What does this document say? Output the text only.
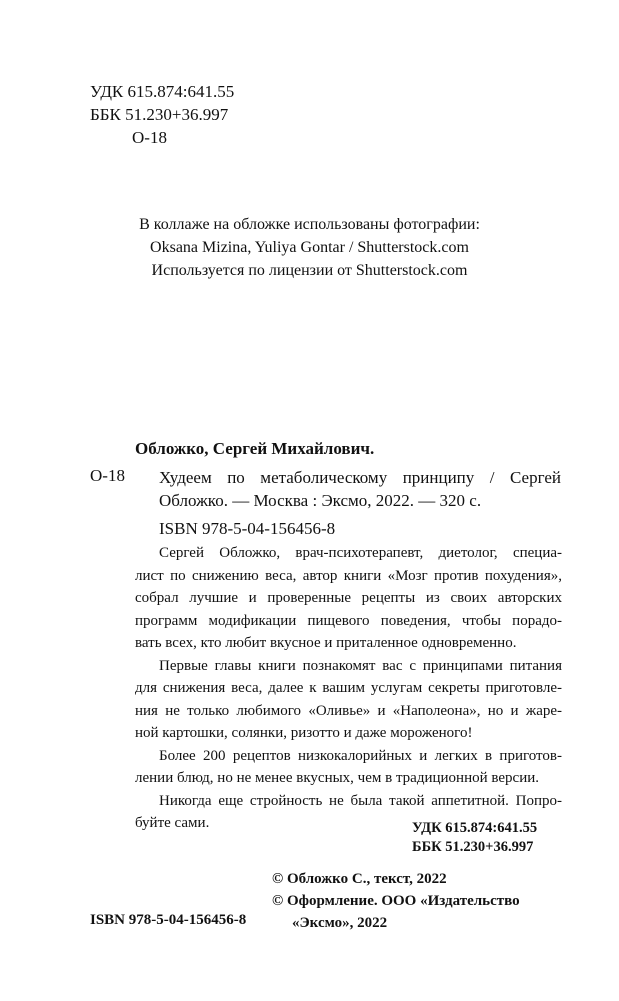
УДК 615.874:641.55
ББК 51.230+36.997
О-18
В коллаже на обложке использованы фотографии:
Oksana Mizina, Yuliya Gontar / Shutterstock.com
Используется по лицензии от Shutterstock.com
Обложко, Сергей Михайлович.
О-18 Худеем по метаболическому принципу / Сергей
Обложко. — Москва : Эксмо, 2022. — 320 с.
ISBN 978-5-04-156456-8
Сергей Обложко, врач-психотерапевт, диетолог, специа-
лист по снижению веса, автор книги «Мозг против похудения»,
собрал лучшие и проверенные рецепты из своих авторских
программ модификации пищевого поведения, чтобы порадо-
вать всех, кто любит вкусное и приталенное одновременно.
Первые главы книги познакомят вас с принципами питания
для снижения веса, далее к вашим услугам секреты приготовле-
ния не только любимого «Оливье» и «Наполеона», но и жаре-
ной картошки, солянки, ризотто и даже мороженого!
Более 200 рецептов низкокалорийных и легких в приготов-
лении блюд, но не менее вкусных, чем в традиционной версии.
Никогда еще стройность не была такой аппетитной. Попро-
буйте сами.	УДК 615.874:641.55
ББК 51.230+36.997
© Обложко С., текст, 2022
© Оформление. ООО «Издательство
«Эксмо», 2022
ISBN 978-5-04-156456-8
